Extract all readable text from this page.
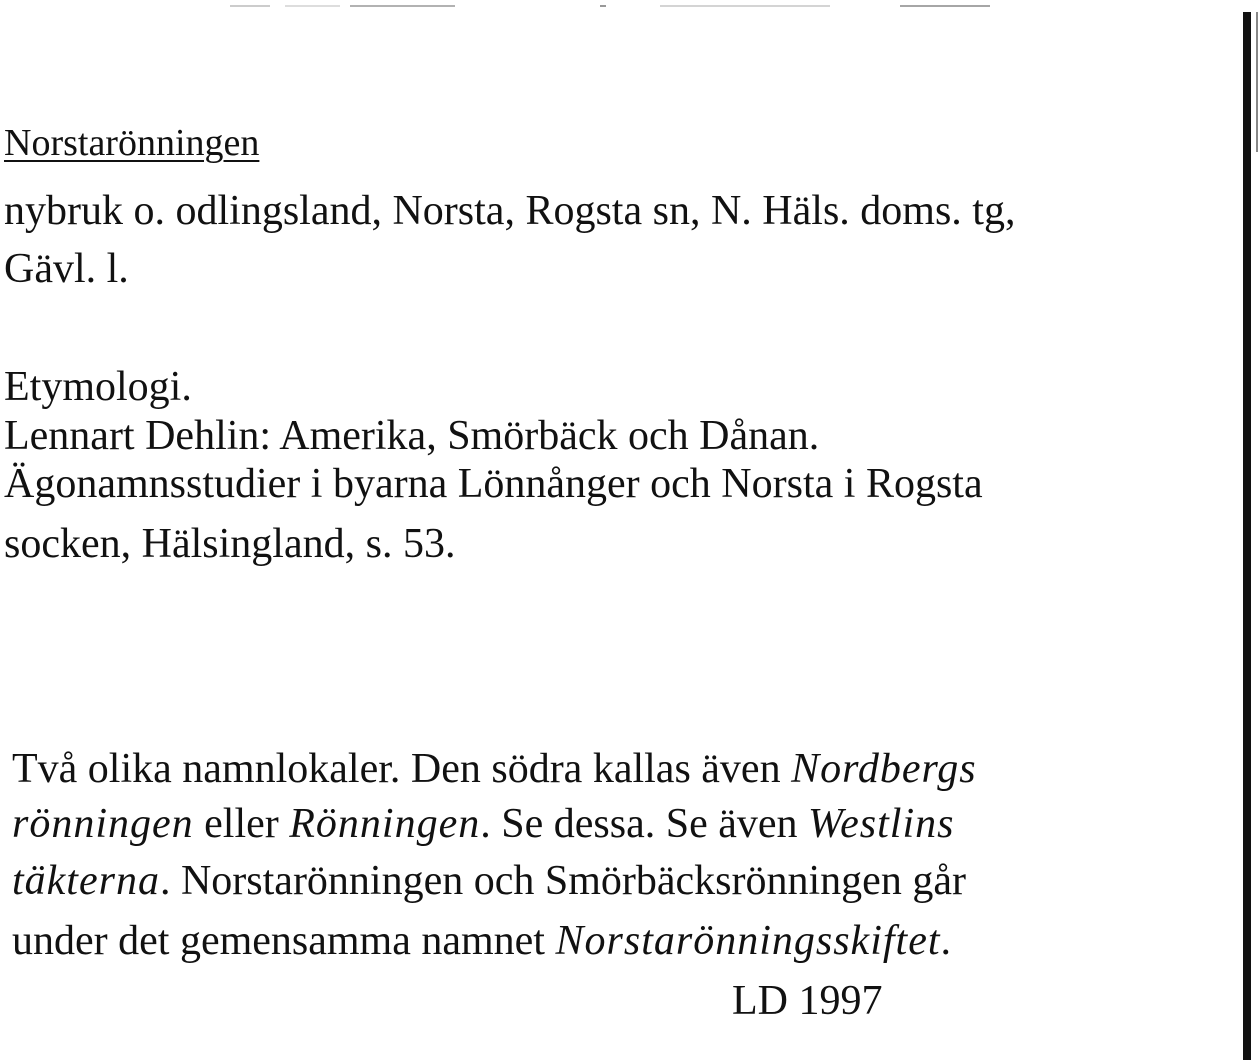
Norstarönningen
nybruk o. odlingsland, Norsta, Rogsta sn, N. Häls. doms. tg,
Gävl. l.
Etymologi.
Lennart Dehlin: Amerika, Smörbäck och Dånan.
Ägonamnsstudier i byarna Lönnånger och Norsta i Rogsta
socken, Hälsingland, s. 53.
Två olika namnlokaler. Den södra kallas även Nordbergs
rönningen eller Rönningen. Se dessa. Se även Westlins
täkterna. Norstarönningen och Smörbäcksrönningen går
under det gemensamma namnet Norstarönningsskiftet.
LD 1997
